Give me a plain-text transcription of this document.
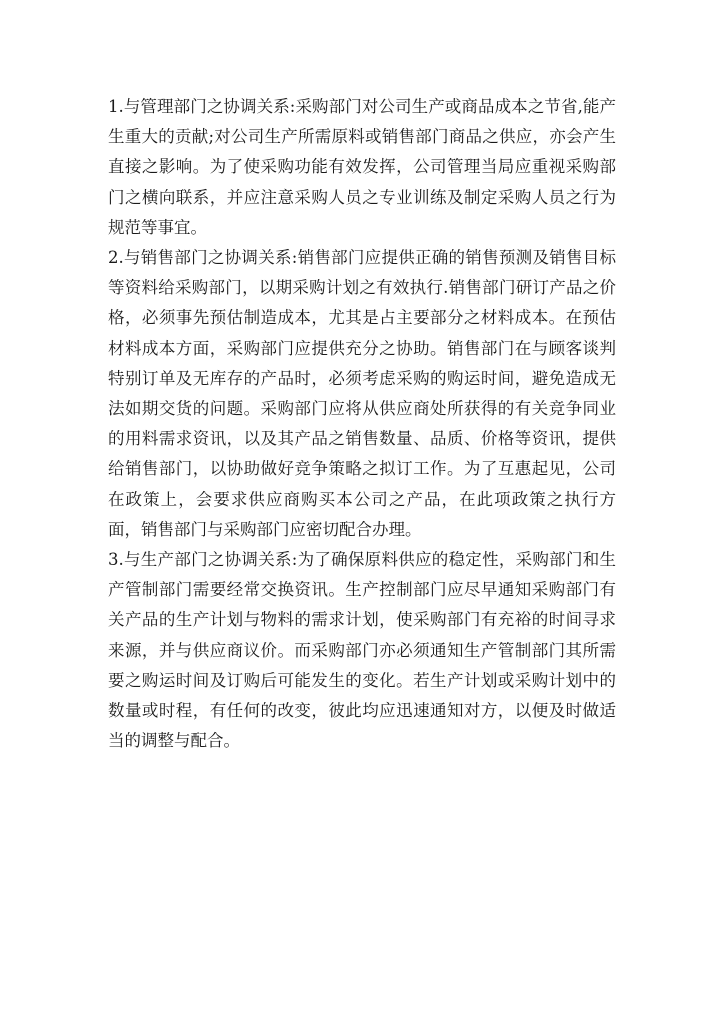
1.与管理部门之协调关系:采购部门对公司生产或商品成本之节省,能产生重大的贡献;对公司生产所需原料或销售部门商品之供应，亦会产生直接之影响。为了使采购功能有效发挥，公司管理当局应重视采购部门之横向联系，并应注意采购人员之专业训练及制定采购人员之行为规范等事宜。

2.与销售部门之协调关系:销售部门应提供正确的销售预测及销售目标等资料给采购部门，以期采购计划之有效执行.销售部门研订产品之价格，必须事先预估制造成本，尤其是占主要部分之材料成本。在预估材料成本方面，采购部门应提供充分之协助。销售部门在与顾客谈判特别订单及无库存的产品时，必须考虑采购的购运时间，避免造成无法如期交货的问题。采购部门应将从供应商处所获得的有关竞争同业的用料需求资讯，以及其产品之销售数量、品质、价格等资讯，提供给销售部门，以协助做好竞争策略之拟订工作。为了互惠起见，公司在政策上，会要求供应商购买本公司之产品，在此项政策之执行方面，销售部门与采购部门应密切配合办理。

3.与生产部门之协调关系:为了确保原料供应的稳定性，采购部门和生产管制部门需要经常交换资讯。生产控制部门应尽早通知采购部门有关产品的生产计划与物料的需求计划，使采购部门有充裕的时间寻求来源，并与供应商议价。而采购部门亦必须通知生产管制部门其所需要之购运时间及订购后可能发生的变化。若生产计划或采购计划中的数量或时程，有任何的改变，彼此均应迅速通知对方，以便及时做适当的调整与配合。
